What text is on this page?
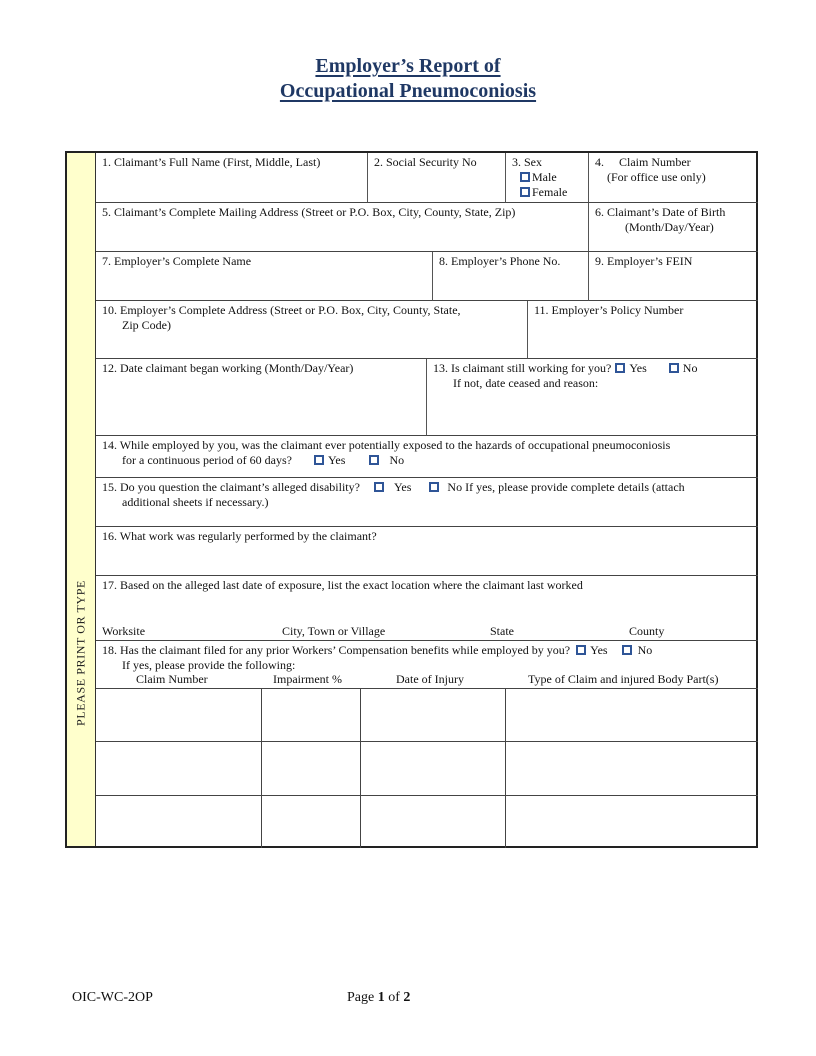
Employer’s Report of
Occupational Pneumoconiosis
PLEASE PRINT OR TYPE
1. Claimant’s Full Name (First, Middle, Last)	2. Social Security No	3. Sex
Male
Female
4.     Claim Number
(For office use only)
5. Claimant’s Complete Mailing Address (Street or P.O. Box, City, County, State, Zip)	6. Claimant’s Date of Birth
(Month/Day/Year)
7. Employer’s Complete Name	8. Employer’s Phone No.	9. Employer’s FEIN
10. Employer’s Complete Address (Street or P.O. Box, City, County, State,
Zip Code)
11. Employer’s Policy Number
12. Date claimant began working (Month/Day/Year)	13. Is claimant still working for you? Yes	No
If not, date ceased and reason:
14. While employed by you, was the claimant ever potentially exposed to the hazards of occupational pneumoconiosis
for a continuous period of 60 days?	Yes	No
15. Do you question the claimant’s alleged disability?	Yes	No If yes, please provide complete details (attach
additional sheets if necessary.)
16. What work was regularly performed by the claimant?
17. Based on the alleged last date of exposure, list the exact location where the claimant last worked
Worksite	City, Town or Village	State	County
18. Has the claimant filed for any prior Workers’ Compensation benefits while employed by you? Yes	No
If yes, please provide the following:
Claim Number	Impairment %	Date of Injury	Type of Claim and injured Body Part(s)
OIC-WC-2OP	Page 1 of 2
